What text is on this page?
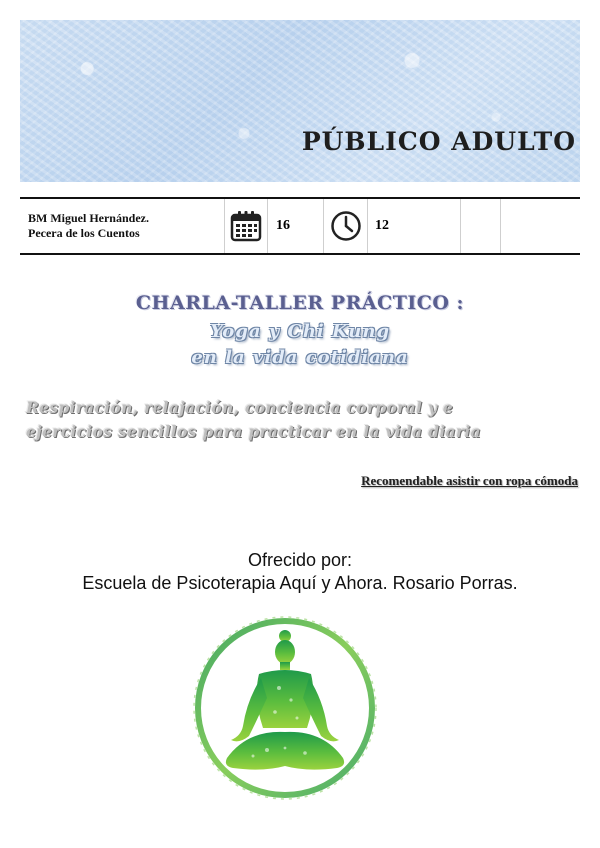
PÚBLICO ADULTO
BM Miguel Hernández.
Pecera de los Cuentos	16	12
CHARLA-TALLER PRÁCTICO :
Yoga y Chi Kung
en la vida cotidiana
Respiración, relajación, conciencia corporal y e
ejercicios sencillos para practicar en la vida diaria
Recomendable asistir con ropa cómoda
Ofrecido por:
Escuela de Psicoterapia Aquí y Ahora. Rosario Porras.
